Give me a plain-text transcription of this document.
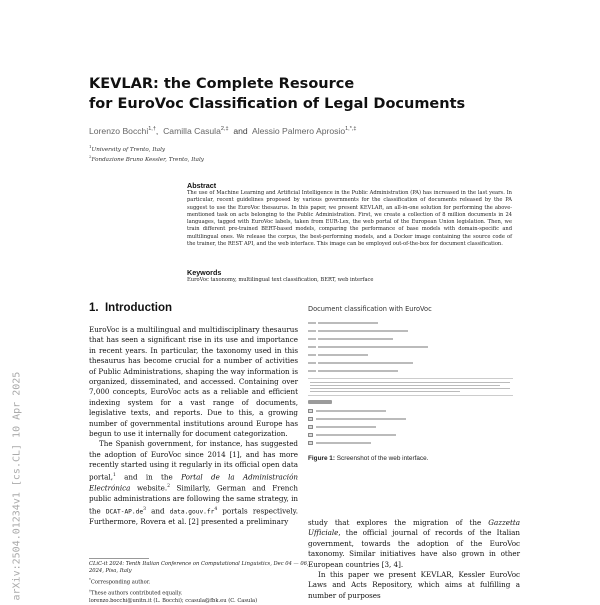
KEVLAR: the Complete Resource
for EuroVoc Classification of Legal Documents
Lorenzo Bocchi$^{1,\dagger}$, Camilla Casula$^{2,\ddagger}$ and Alessio Palmero Aprosio$^{1,*,\ddagger}$
$^1$University of Trento, Italy
$^2$Fondazione Bruno Kessler, Trento, Italy
Abstract
The use of Machine Learning and Artificial Intelligence in the Public Administration (PA) has increased in the last years. In particular, recent guidelines proposed by various governments for the classification of documents released by the PA suggest to use the EuroVoc thesaurus. In this paper, we present KEVLAR, an all-in-one solution for performing the above-mentioned task on acts belonging to the Public Administration. First, we create a collection of 8 million documents in 24 languages, tagged with EuroVoc labels, taken from EUR-Lex, the web portal of the European Union legislation. Then, we train different pre-trained BERT-based models, comparing the performance of base models with domain-specific and multilingual ones. We release the corpus, the best-performing models, and a Docker image containing the source code of the trainer, the REST API, and the web interface. This image can be employed out-of-the-box for document classification.
Keywords
EuroVoc taxonomy, multilingual text classification, BERT, web interface
1. Introduction

EuroVoc is a multilingual and multidisciplinary thesaurus that has seen a significant rise in its use and importance in recent years. In particular, the taxonomy used in this thesaurus has become crucial for a number of activities of Public Administrations, shaping the way information is organized, disseminated, and accessed. Containing over 7,000 concepts, EuroVoc acts as a reliable and efficient indexing system for a vast range of documents, legislative texts, and reports. Due to this, a growing number of governmental institutions around Europe has begun to use it internally for document categorization.

The Spanish government, for instance, has suggested the adoption of EuroVoc since 2014 [1], and has more recently started using it regularly in its official open data portal,$^1$ and in the Portal de la Administración Electrónica website.$^2$ Similarly, German and French public administrations are following the same strategy, in the DCAT-$AP.de^3$ and $data.gouv.fr^4$ portals respectively. Furthermore, Rovera et al. [2] presented a preliminary

CLiC-it 2024: Tenth Italian Conference on Computational Linguistics, Dec 04 — 06, 2024, Pisa, Italy
*Corresponding author.
†These authors contributed equally.
lorenzo.bocchi@unitn.it (L. Bocchi); ccasula@fbk.eu (C. Casula)
Document classification with EuroVoc
Figure 1: Screenshot of the web interface.

study that explores the migration of the Gazzetta Ufficiale, the official journal of records of the Italian government, towards the adoption of the EuroVoc taxonomy. Similar initiatives have also grown in other European countries [3, 4].

In this paper we present KEVLAR, Kessler EuroVoc Laws and Acts Repository, which aims at fulfilling a number of purposes

arXiv:2504.01234v1 [cs.CL] 10 Apr 2025
